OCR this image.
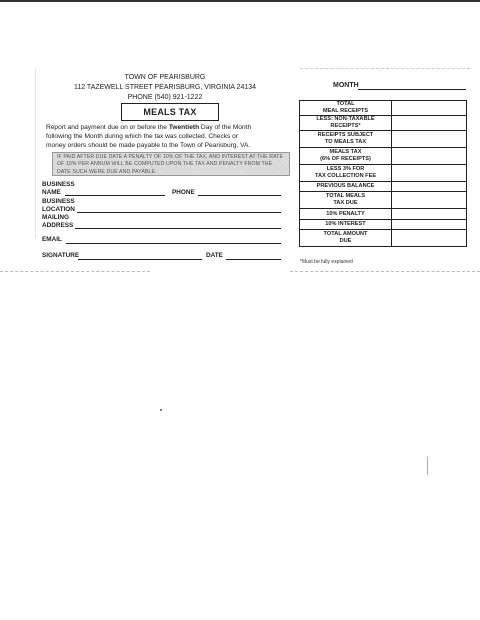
TOWN OF PEARISBURG
112 TAZEWELL STREET PEARISBURG, VIRGINIA 24134
PHONE (540) 921-1222
MEALS TAX
Report and payment due on or before the Twentieth Day of the Month
following the Month during which the tax was collected. Checks or
money orders should be made payable to the Town of Pearisburg, VA.
IF PAID AFTER DUE DATE A PENALTY OF 10% OF THE TAX, AND INTEREST AT THE RATE OF 10% PER ANNUM WILL BE COMPUTED UPON THE TAX AND PENALTY FROM THE DATE SUCH WERE DUE AND PAYABLE.
BUSINESS
NAME	PHONE
BUSINESS
LOCATION
MAILING
ADDRESS
EMAIL
SIGNATURE	DATE
MONTH
TOTAL
MEAL RECEIPTS	

LESS: NON-TAXABLE
RECEIPTS*	

RECEIPTS SUBJECT
TO MEALS TAX	

MEALS TAX
(6% OF RECEIPTS)	

LESS 3% FOR
TAX COLLECTION FEE	

PREVIOUS BALANCE	

TOTAL MEALS
TAX DUE	

10% PENALTY	

10% INTEREST	

TOTAL AMOUNT
DUE	

*Must be fully explained
